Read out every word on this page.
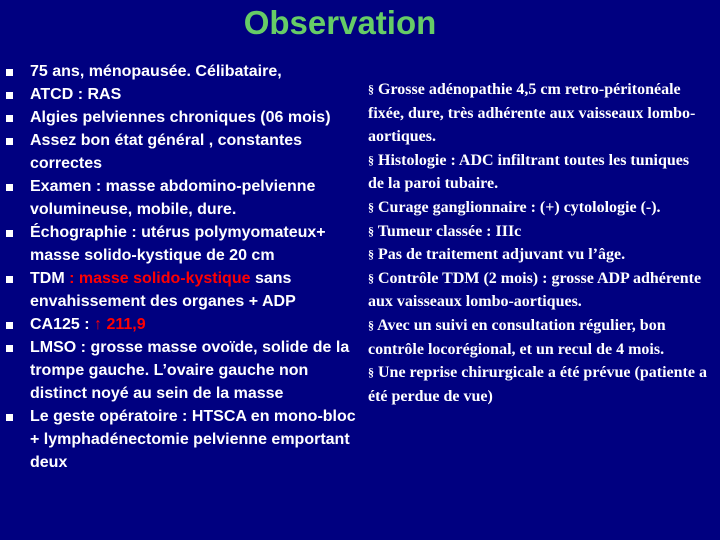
Observation
75 ans, ménopausée. Célibataire,
ATCD : RAS
Algies pelviennes chroniques (06 mois)
Assez bon état général , constantes correctes
Examen : masse abdomino-pelvienne volumineuse, mobile, dure.
Échographie : utérus polymyomateux+ masse solido-kystique de 20 cm
TDM : masse solido-kystique sans envahissement des organes + ADP
CA125 : ↑ 211,9
LMSO : grosse masse ovoïde, solide de la trompe gauche. L’ovaire gauche non distinct noyé au sein de la masse
Le geste opératoire : HTSCA en mono-bloc + lymphadénectomie pelvienne emportant deux

§ Grosse adénopathie 4,5 cm retro-péritonéale fixée, dure, très adhérente aux vaisseaux lombo-aortiques.

§ Histologie : ADC infiltrant toutes les tuniques de la paroi tubaire.

§ Curage ganglionnaire : (+) cytolologie (-).

§ Tumeur classée : IIIc

§ Pas de traitement adjuvant vu l’âge.

§ Contrôle TDM (2 mois) : grosse ADP adhérente aux vaisseaux lombo-aortiques.

§ Avec un suivi en consultation régulier, bon contrôle locorégional, et un recul de 4 mois.

§ Une reprise chirurgicale a été prévue (patiente a été perdue de vue)
